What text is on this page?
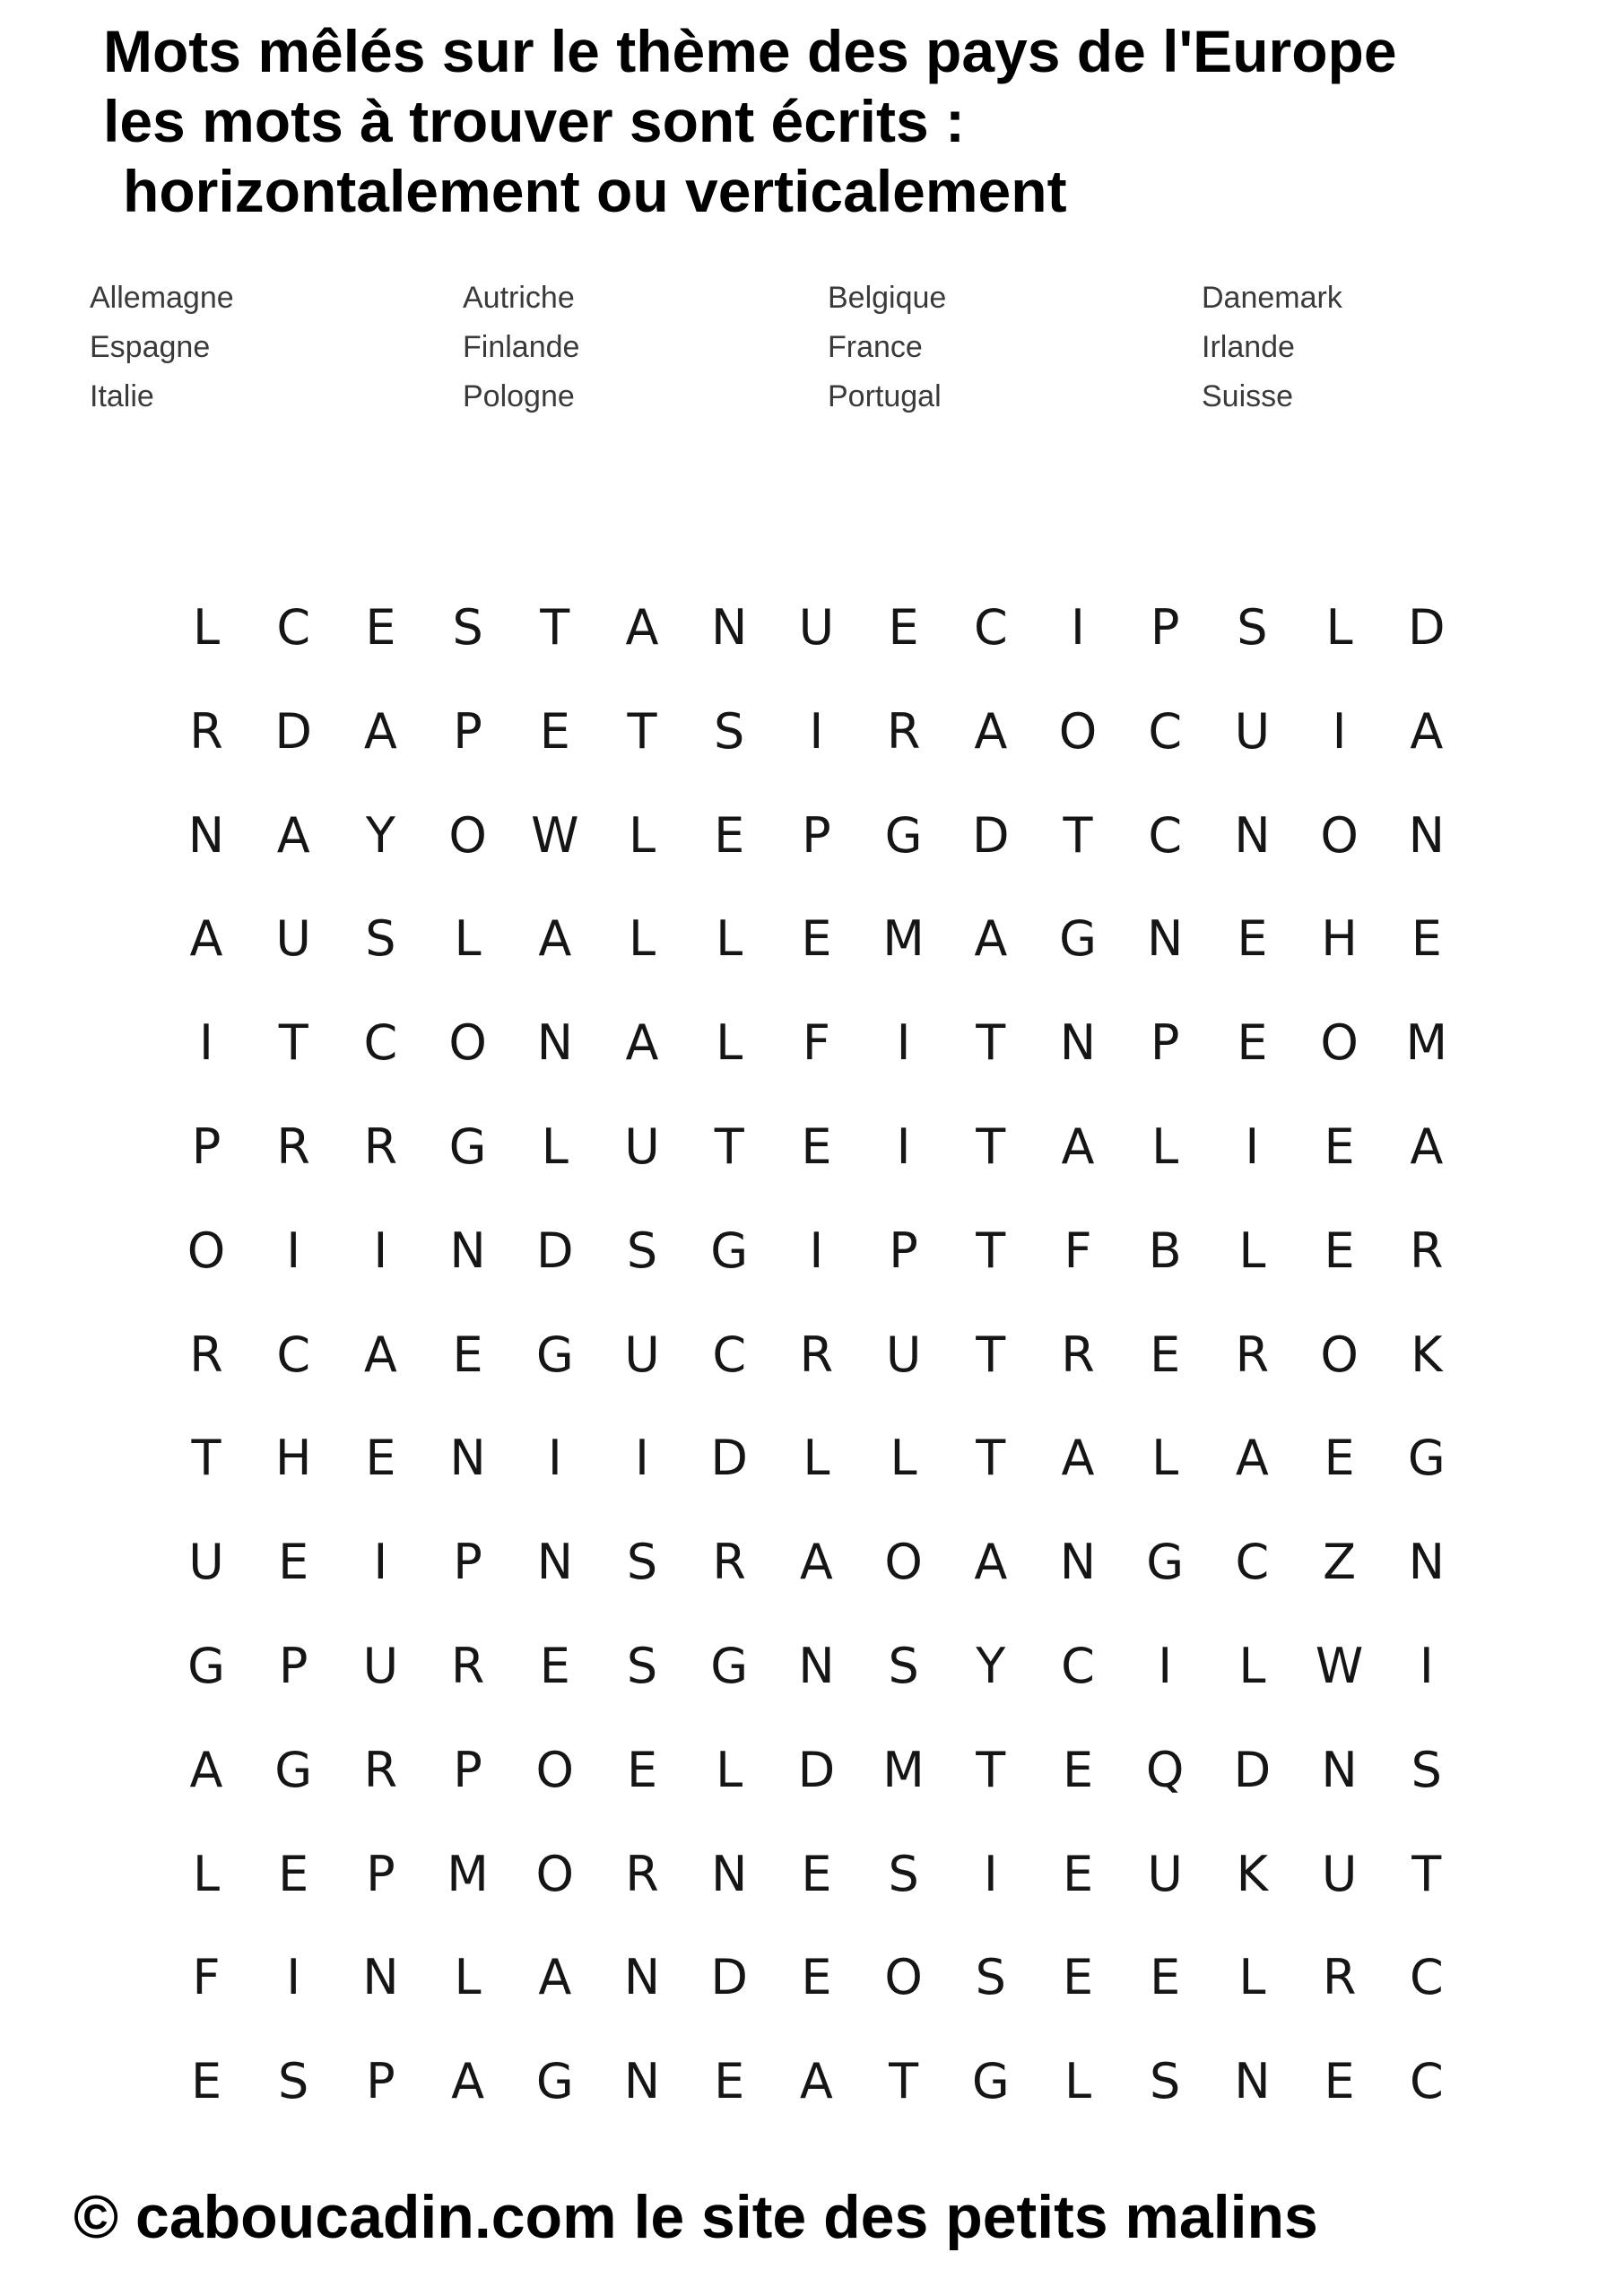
Mots mêlés sur le thème des pays de l'Europe
les mots à trouver sont écrits :
horizontalement ou verticalement
Allemagne	Autriche	Belgique	Danemark
Espagne	Finlande	France	Irlande
Italie	Pologne	Portugal	Suisse
L C E S T A N U E C	I	P S L D
R D A P E T S	I	R A O C U	I	A
N A Y O W L E P G D T C N O N
A U S L A L L E M A G N E H E
I	T C O N A L F	I	T N P E O M
P R R G L U T E	I	T A L	I	E A
O	I	I	N D S G	I	P T F B L E R
R C A E G U C R U T R E R O K
T H E N	I	I	D L L T A L A E G
U E	I	P N S R A O A N G C Z N
G P U R E S G N S Y C	I	L W	I
A G R P O E L D M T E Q D N S
L E P M O R N E S	I	E U K U T
F	I	N L A N D E O S E E L R C
E S P A G N E A T G L S N E C

© caboucadin.com le site des petits malins
